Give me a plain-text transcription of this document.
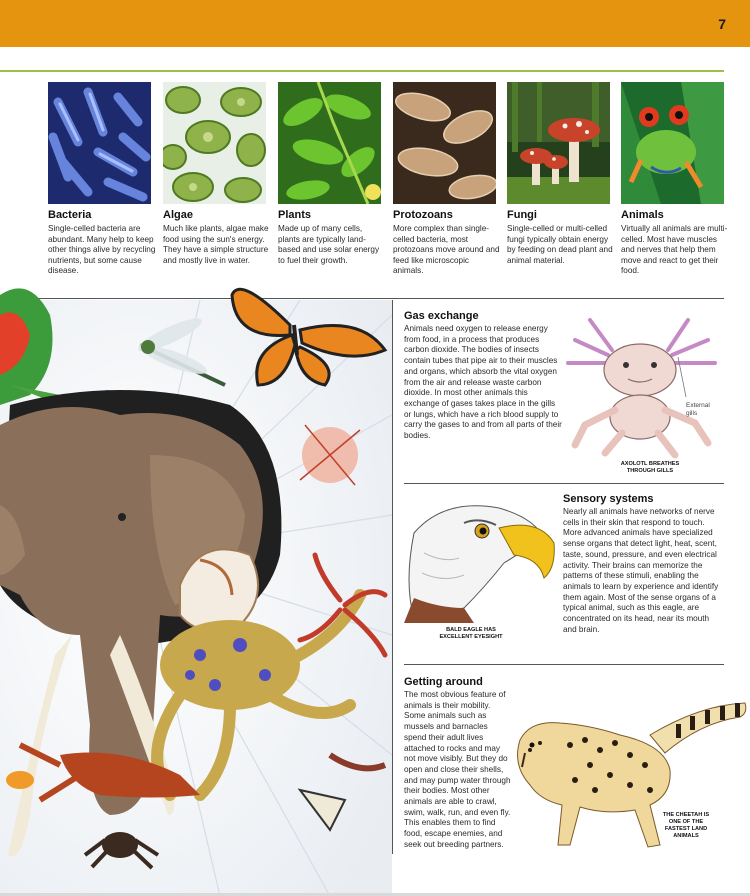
7
Bacteria
Single-celled bacteria are abundant. Many help to keep other things alive by recycling nutrients, but some cause disease.
Algae
Much like plants, algae make food using the sun's energy. They have a simple structure and mostly live in water.
Plants
Made up of many cells, plants are typically land-based and use solar energy to fuel their growth.
Protozoans
More complex than single-celled bacteria, most protozoans move around and feed like microscopic animals.
Fungi
Single-celled or multi-celled fungi typically obtain energy by feeding on dead plant and animal material.
Animals
Virtually all animals are multi-celled. Most have muscles and nerves that help them move and react to get their food.
Gas exchange
Animals need oxygen to release energy from food, in a process that produces carbon dioxide. The bodies of insects contain tubes that pipe air to their muscles and organs, which absorb the vital oxygen from the air and release waste carbon dioxide. In most other animals this exchange of gases takes place in the gills or lungs, which have a rich blood supply to carry the gases to and from all parts of their bodies.
External
gills
AXOLOTL BREATHES
THROUGH GILLS
Sensory systems
Nearly all animals have networks of nerve cells in their skin that respond to touch. More advanced animals have specialized sense organs that detect light, heat, scent, taste, sound, pressure, and even electrical activity. Their brains can memorize the patterns of these stimuli, enabling the animals to learn by experience and identify them again. Most of the sense organs of a typical animal, such as this eagle, are concentrated on its head, near its mouth and brain.
BALD EAGLE HAS
EXCELLENT EYESIGHT
Getting around
The most obvious feature of animals is their mobility. Some animals such as mussels and barnacles spend their adult lives attached to rocks and may not move visibly. But they do open and close their shells, and may pump water through their bodies. Most other animals are able to crawl, swim, walk, run, and even fly. This enables them to find food, escape enemies, and seek out breeding partners.
THE CHEETAH IS
ONE OF THE
FASTEST LAND
ANIMALS
